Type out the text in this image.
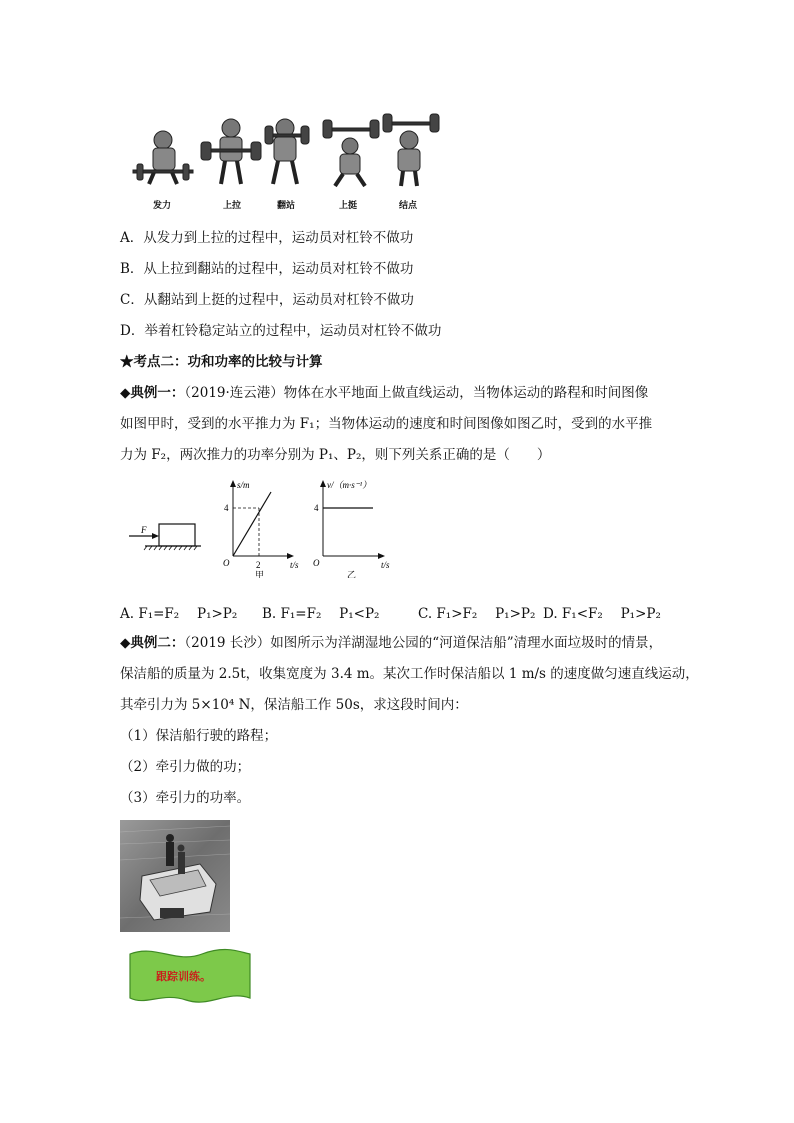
发力	上拉	翻站	上挺	结点
A．从发力到上拉的过程中，运动员对杠铃不做功
B．从上拉到翻站的过程中，运动员对杠铃不做功
C．从翻站到上挺的过程中，运动员对杠铃不做功
D．举着杠铃稳定站立的过程中，运动员对杠铃不做功
★考点二：功和功率的比较与计算
◆典例一：（2019·连云港）物体在水平地面上做直线运动，当物体运动的路程和时间图像
如图甲时，受到的水平推力为 F₁；当物体运动的速度和时间图像如图乙时，受到的水平推
力为 F₂，两次推力的功率分别为 P₁、P₂，则下列关系正确的是（　　）
F
s/m
t/s
O
4
2
甲
v/（m·s⁻¹）
t/s
O
4
乙
A. F₁=F₂　 P₁>P₂ B. F₁=F₂　 P₁<P₂	C. F₁>F₂　 P₁>P₂ D. F₁<F₂　 P₁>P₂
◆典例二：（2019 长沙）如图所示为洋湖湿地公园的“河道保洁船”清理水面垃圾时的情景，
保洁船的质量为 2.5t，收集宽度为 3.4 m。某次工作时保洁船以 1 m/s 的速度做匀速直线运动，
其牵引力为 5×10⁴ N，保洁船工作 50s，求这段时间内：
（1）保洁船行驶的路程；
（2）牵引力做的功；
（3）牵引力的功率。
跟踪训练。
